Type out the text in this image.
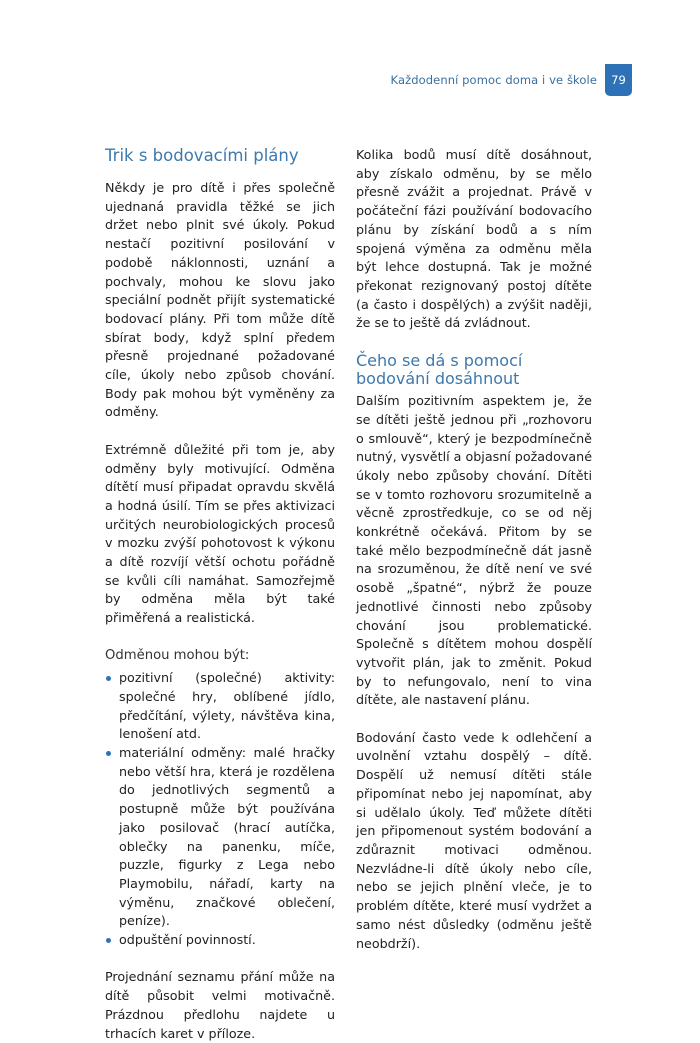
Každodenní pomoc doma i ve škole	79
Trik s bodovacími plány

Někdy je pro dítě i přes společně ujednaná pravidla těžké se jich držet nebo plnit své úkoly. Pokud nestačí pozitivní posilování v podobě náklonnosti, uznání a pochvaly, mohou ke slovu jako speciální podnět přijít systematické bodovací plány. Při tom může dítě sbírat body, když splní předem přesně projednané požadované cíle, úkoly nebo způsob chování. Body pak mohou být vyměněny za odměny.

Extrémně důležité při tom je, aby odměny byly motivující. Odměna dítětí musí připadat opravdu skvělá a hodná úsilí. Tím se přes aktivizaci určitých neurobiologických procesů v mozku zvýší pohotovost k výkonu a dítě rozvíjí větší ochotu pořádně se kvůli cíli namáhat. Samozřejmě by odměna měla být také přiměřená a realistická.

Odměnou mohou být:
pozitivní (společné) aktivity: společné hry, oblíbené jídlo, předčítání, výlety, návštěva kina, lenošení atd.
materiální odměny: malé hračky nebo větší hra, která je rozdělena do jednotlivých segmentů a postupně může být používána jako posilovač (hrací autíčka, oblečky na panenku, míče, puzzle, figurky z Lega nebo Playmobilu, nářadí, karty na výměnu, značkové oblečení, peníze).
odpuštění povinností.

Projednání seznamu přání může na dítě působit velmi motivačně. Prázdnou předlohu najdete u trhacích karet v příloze.

Kolika bodů musí dítě dosáhnout, aby získalo odměnu, by se mělo přesně zvážit a projednat. Právě v počáteční fázi používání bodovacího plánu by získání bodů a s ním spojená výměna za odměnu měla být lehce dostupná. Tak je možné překonat rezignovaný postoj dítěte (a často i dospělých) a zvýšit naději, že se to ještě dá zvládnout.

Čeho se dá s pomocí bodování dosáhnout

Dalším pozitivním aspektem je, že se dítěti ještě jednou při „rozhovoru o smlouvě“, který je bezpodmínečně nutný, vysvětlí a objasní požadované úkoly nebo způsoby chování. Dítěti se v tomto rozhovoru srozumitelně a věcně zprostředkuje, co se od něj konkrétně očekává. Přitom by se také mělo bezpodmínečně dát jasně na srozuměnou, že dítě není ve své osobě „špatné“, nýbrž že pouze jednotlivé činnosti nebo způsoby chování jsou problematické. Společně s dítětem mohou dospělí vytvořit plán, jak to změnit. Pokud by to nefungovalo, není to vina dítěte, ale nastavení plánu.

Bodování často vede k odlehčení a uvolnění vztahu dospělý – dítě. Dospělí už nemusí dítěti stále připomínat nebo jej napomínat, aby si udělalo úkoly. Teď můžete dítěti jen připomenout systém bodování a zdůraznit motivaci odměnou. Nezvládne-li dítě úkoly nebo cíle, nebo se jejich plnění vleče, je to problém dítěte, které musí vydržet a samo nést důsledky (odměnu ještě neobdrží).
